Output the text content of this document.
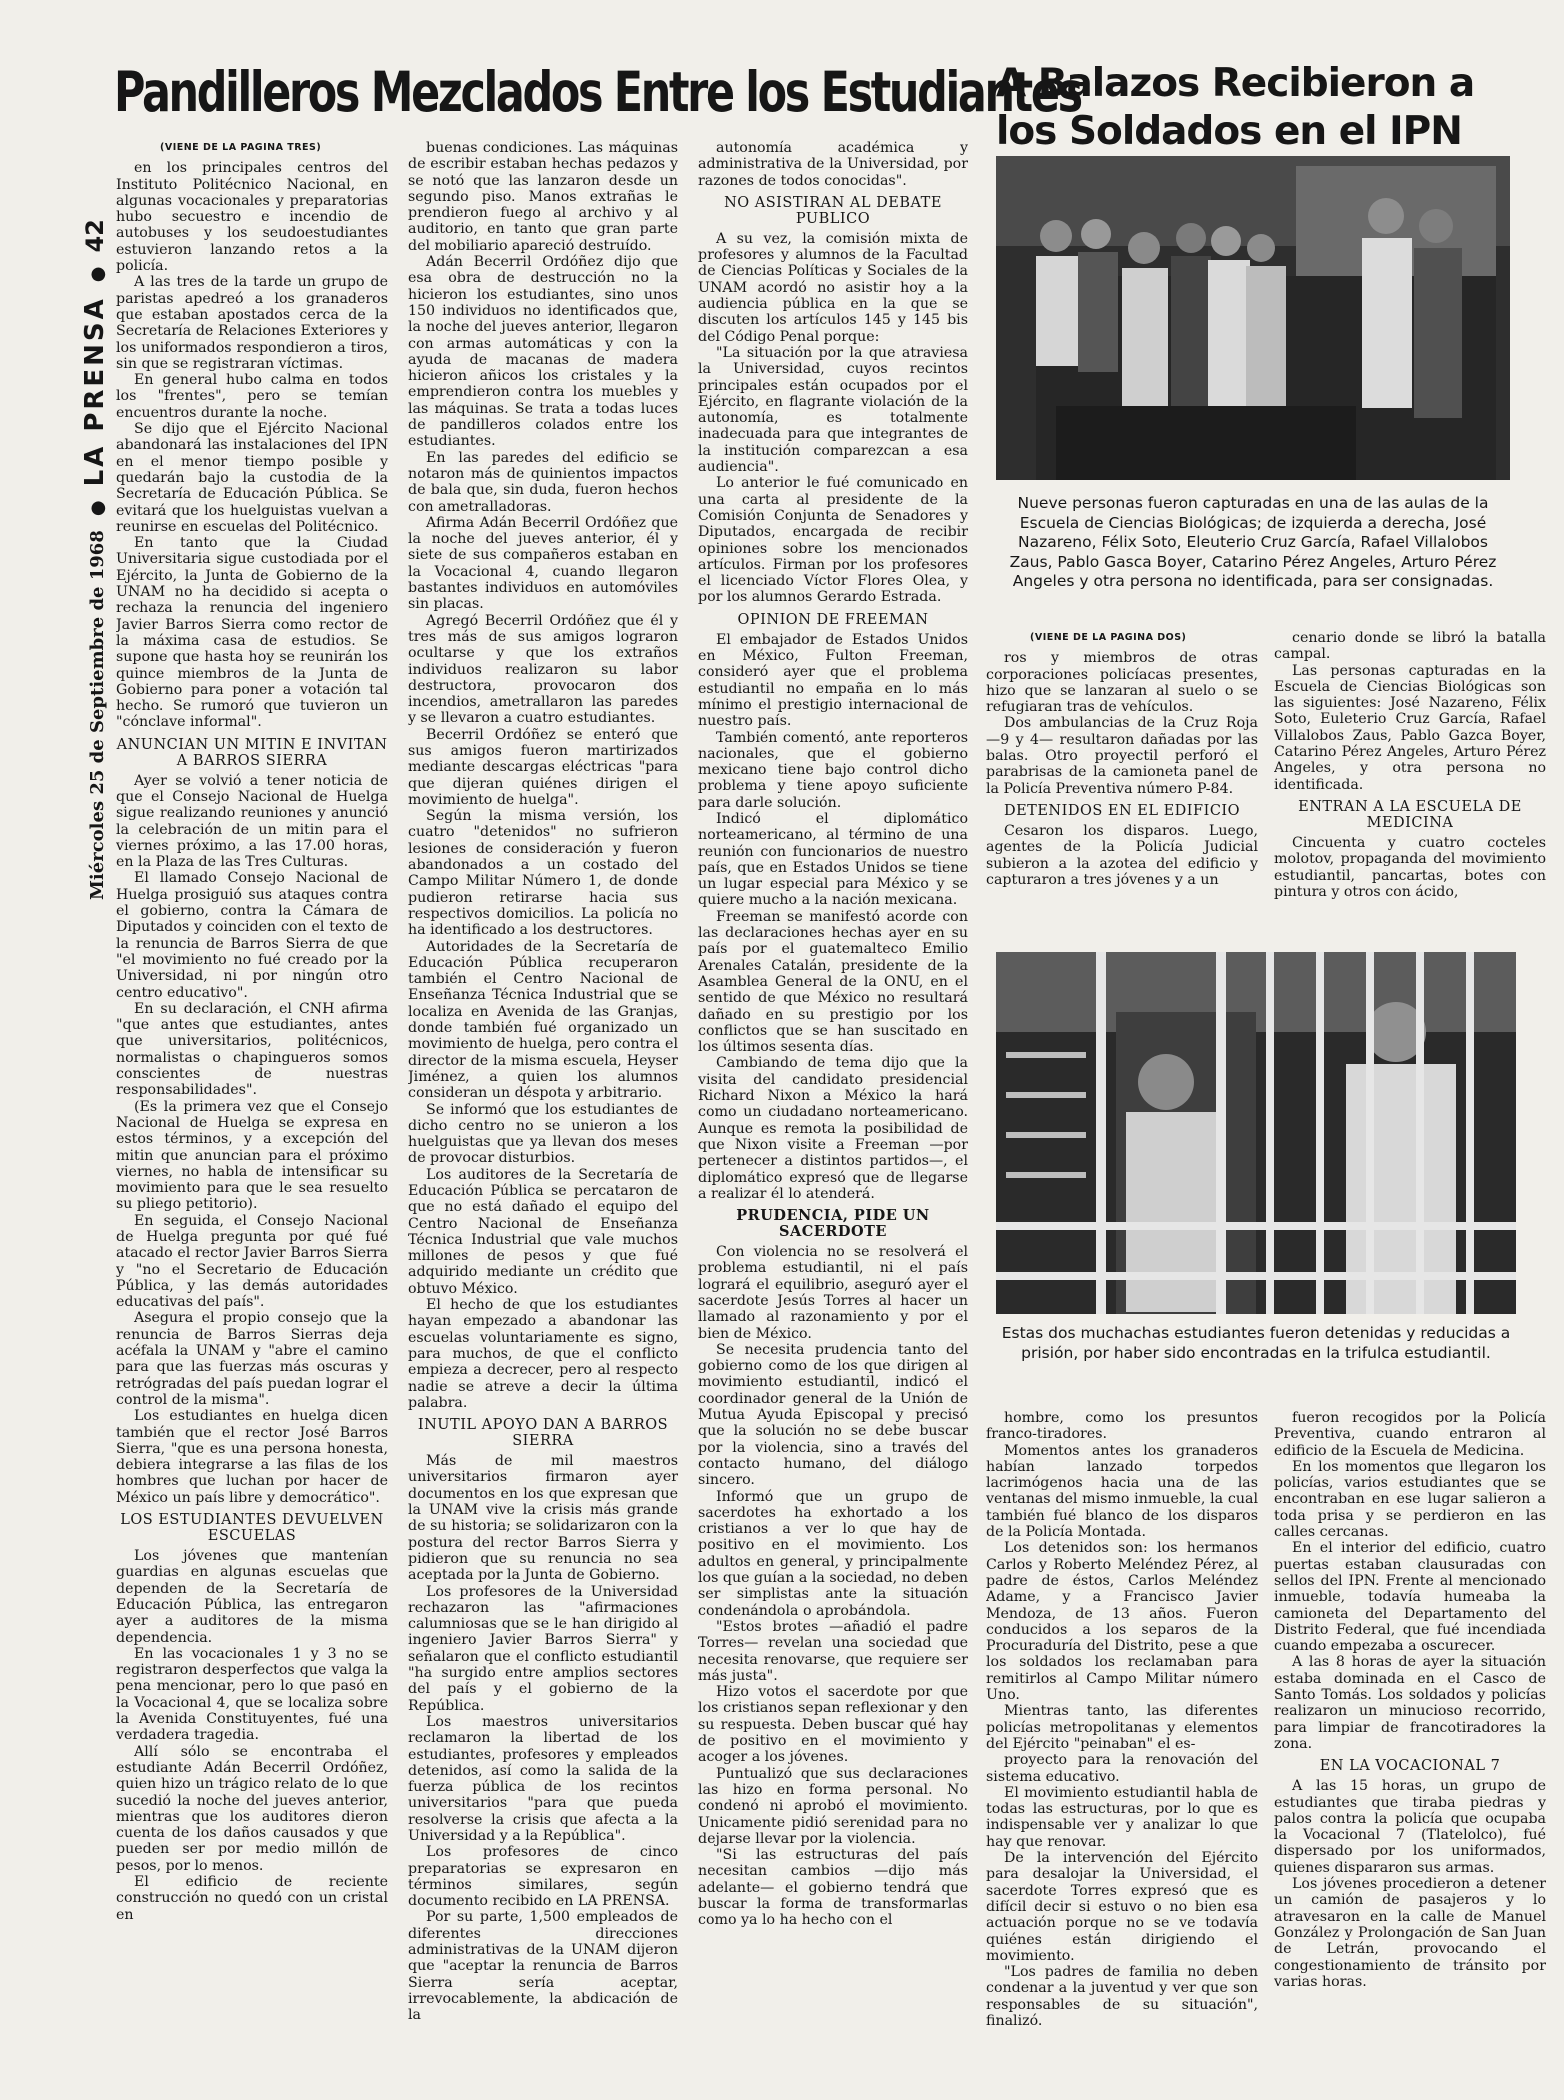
Miércoles 25 de Septiembre de 1968
●
LA PRENSA
●
42
Pandilleros Mezclados Entre los Estudiantes
A Balazos Recibieron a los Soldados en el IPN

(VIENE DE LA PAGINA TRES)

en los principales centros del Instituto Politécnico Nacional, en algunas vocacionales y preparatorias hubo secuestro e incendio de autobuses y los seudoestudiantes estuvieron lanzando retos a la policía.

A las tres de la tarde un grupo de paristas apedreó a los granaderos que estaban apostados cerca de la Secretaría de Relaciones Exteriores y los uniformados respondieron a tiros, sin que se registraran víctimas.

En general hubo calma en todos los "frentes", pero se temían encuentros durante la noche.

Se dijo que el Ejército Nacional abandonará las instalaciones del IPN en el menor tiempo posible y quedarán bajo la custodia de la Secretaría de Educación Pública. Se evitará que los huelguistas vuelvan a reunirse en escuelas del Politécnico.

En tanto que la Ciudad Universitaria sigue custodiada por el Ejército, la Junta de Gobierno de la UNAM no ha decidido si acepta o rechaza la renuncia del ingeniero Javier Barros Sierra como rector de la máxima casa de estudios. Se supone que hasta hoy se reunirán los quince miembros de la Junta de Gobierno para poner a votación tal hecho. Se rumoró que tuvieron un "cónclave informal".

ANUNCIAN UN MITIN E INVITAN A BARROS SIERRA

Ayer se volvió a tener noticia de que el Consejo Nacional de Huelga sigue realizando reuniones y anunció la celebración de un mitin para el viernes próximo, a las 17.00 horas, en la Plaza de las Tres Culturas.

El llamado Consejo Nacional de Huelga prosiguió sus ataques contra el gobierno, contra la Cámara de Diputados y coinciden con el texto de la renuncia de Barros Sierra de que "el movimiento no fué creado por la Universidad, ni por ningún otro centro educativo".

En su declaración, el CNH afirma "que antes que estudiantes, antes que universitarios, politécnicos, normalistas o chapingueros somos conscientes de nuestras responsabilidades".

(Es la primera vez que el Consejo Nacional de Huelga se expresa en estos términos, y a excepción del mitin que anuncian para el próximo viernes, no habla de intensificar su movimiento para que le sea resuelto su pliego petitorio).

En seguida, el Consejo Nacional de Huelga pregunta por qué fué atacado el rector Javier Barros Sierra y "no el Secretario de Educación Pública, y las demás autoridades educativas del país".

Asegura el propio consejo que la renuncia de Barros Sierras deja acéfala la UNAM y "abre el camino para que las fuerzas más oscuras y retrógradas del país puedan lograr el control de la misma".

Los estudiantes en huelga dicen también que el rector José Barros Sierra, "que es una persona honesta, debiera integrarse a las filas de los hombres que luchan por hacer de México un país libre y democrático".

LOS ESTUDIANTES DEVUELVEN ESCUELAS

Los jóvenes que mantenían guardias en algunas escuelas que dependen de la Secretaría de Educación Pública, las entregaron ayer a auditores de la misma dependencia.

En las vocacionales 1 y 3 no se registraron desperfectos que valga la pena mencionar, pero lo que pasó en la Vocacional 4, que se localiza sobre la Avenida Constituyentes, fué una verdadera tragedia.

Allí sólo se encontraba el estudiante Adán Becerril Ordóñez, quien hizo un trágico relato de lo que sucedió la noche del jueves anterior, mientras que los auditores dieron cuenta de los daños causados y que pueden ser por medio millón de pesos, por lo menos.

El edificio de reciente construcción no quedó con un cristal en

buenas condiciones. Las máquinas de escribir estaban hechas pedazos y se notó que las lanzaron desde un segundo piso. Manos extrañas le prendieron fuego al archivo y al auditorio, en tanto que gran parte del mobiliario apareció destruído.

Adán Becerril Ordóñez dijo que esa obra de destrucción no la hicieron los estudiantes, sino unos 150 individuos no identificados que, la noche del jueves anterior, llegaron con armas automáticas y con la ayuda de macanas de madera hicieron añicos los cristales y la emprendieron contra los muebles y las máquinas. Se trata a todas luces de pandilleros colados entre los estudiantes.

En las paredes del edificio se notaron más de quinientos impactos de bala que, sin duda, fueron hechos con ametralladoras.

Afirma Adán Becerril Ordóñez que la noche del jueves anterior, él y siete de sus compañeros estaban en la Vocacional 4, cuando llegaron bastantes individuos en automóviles sin placas.

Agregó Becerril Ordóñez que él y tres más de sus amigos lograron ocultarse y que los extraños individuos realizaron su labor destructora, provocaron dos incendios, ametrallaron las paredes y se llevaron a cuatro estudiantes.

Becerril Ordóñez se enteró que sus amigos fueron martirizados mediante descargas eléctricas "para que dijeran quiénes dirigen el movimiento de huelga".

Según la misma versión, los cuatro "detenidos" no sufrieron lesiones de consideración y fueron abandonados a un costado del Campo Militar Número 1, de donde pudieron retirarse hacia sus respectivos domicilios. La policía no ha identificado a los destructores.

Autoridades de la Secretaría de Educación Pública recuperaron también el Centro Nacional de Enseñanza Técnica Industrial que se localiza en Avenida de las Granjas, donde también fué organizado un movimiento de huelga, pero contra el director de la misma escuela, Heyser Jiménez, a quien los alumnos consideran un déspota y arbitrario.

Se informó que los estudiantes de dicho centro no se unieron a los huelguistas que ya llevan dos meses de provocar disturbios.

Los auditores de la Secretaría de Educación Pública se percataron de que no está dañado el equipo del Centro Nacional de Enseñanza Técnica Industrial que vale muchos millones de pesos y que fué adquirido mediante un crédito que obtuvo México.

El hecho de que los estudiantes hayan empezado a abandonar las escuelas voluntariamente es signo, para muchos, de que el conflicto empieza a decrecer, pero al respecto nadie se atreve a decir la última palabra.

INUTIL APOYO DAN A BARROS SIERRA

Más de mil maestros universitarios firmaron ayer documentos en los que expresan que la UNAM vive la crisis más grande de su historia; se solidarizaron con la postura del rector Barros Sierra y pidieron que su renuncia no sea aceptada por la Junta de Gobierno.

Los profesores de la Universidad rechazaron las "afirmaciones calumniosas que se le han dirigido al ingeniero Javier Barros Sierra" y señalaron que el conflicto estudiantil "ha surgido entre amplios sectores del país y el gobierno de la República.

Los maestros universitarios reclamaron la libertad de los estudiantes, profesores y empleados detenidos, así como la salida de la fuerza pública de los recintos universitarios "para que pueda resolverse la crisis que afecta a la Universidad y a la República".

Los profesores de cinco preparatorias se expresaron en términos similares, según documento recibido en LA PRENSA.

Por su parte, 1,500 empleados de diferentes direcciones administrativas de la UNAM dijeron que "aceptar la renuncia de Barros Sierra sería aceptar, irrevocablemente, la abdicación de la

autonomía académica y administrativa de la Universidad, por razones de todos conocidas".

NO ASISTIRAN AL DEBATE PUBLICO

A su vez, la comisión mixta de profesores y alumnos de la Facultad de Ciencias Políticas y Sociales de la UNAM acordó no asistir hoy a la audiencia pública en la que se discuten los artículos 145 y 145 bis del Código Penal porque:

"La situación por la que atraviesa la Universidad, cuyos recintos principales están ocupados por el Ejército, en flagrante violación de la autonomía, es totalmente inadecuada para que integrantes de la institución comparezcan a esa audiencia".

Lo anterior le fué comunicado en una carta al presidente de la Comisión Conjunta de Senadores y Diputados, encargada de recibir opiniones sobre los mencionados artículos. Firman por los profesores el licenciado Víctor Flores Olea, y por los alumnos Gerardo Estrada.

OPINION DE FREEMAN

El embajador de Estados Unidos en México, Fulton Freeman, consideró ayer que el problema estudiantil no empaña en lo más mínimo el prestigio internacional de nuestro país.

También comentó, ante reporteros nacionales, que el gobierno mexicano tiene bajo control dicho problema y tiene apoyo suficiente para darle solución.

Indicó el diplomático norteamericano, al término de una reunión con funcionarios de nuestro país, que en Estados Unidos se tiene un lugar especial para México y se quiere mucho a la nación mexicana.

Freeman se manifestó acorde con las declaraciones hechas ayer en su país por el guatemalteco Emilio Arenales Catalán, presidente de la Asamblea General de la ONU, en el sentido de que México no resultará dañado en su prestigio por los conflictos que se han suscitado en los últimos sesenta días.

Cambiando de tema dijo que la visita del candidato presidencial Richard Nixon a México la hará como un ciudadano norteamericano. Aunque es remota la posibilidad de que Nixon visite a Freeman —por pertenecer a distintos partidos—, el diplomático expresó que de llegarse a realizar él lo atenderá.

PRUDENCIA, PIDE UN SACERDOTE

Con violencia no se resolverá el problema estudiantil, ni el país logrará el equilibrio, aseguró ayer el sacerdote Jesús Torres al hacer un llamado al razonamiento y por el bien de México.

Se necesita prudencia tanto del gobierno como de los que dirigen al movimiento estudiantil, indicó el coordinador general de la Unión de Mutua Ayuda Episcopal y precisó que la solución no se debe buscar por la violencia, sino a través del contacto humano, del diálogo sincero.

Informó que un grupo de sacerdotes ha exhortado a los cristianos a ver lo que hay de positivo en el movimiento. Los adultos en general, y principalmente los que guían a la sociedad, no deben ser simplistas ante la situación condenándola o aprobándola.

"Estos brotes —añadió el padre Torres— revelan una sociedad que necesita renovarse, que requiere ser más justa".

Hizo votos el sacerdote por que los cristianos sepan reflexionar y den su respuesta. Deben buscar qué hay de positivo en el movimiento y acoger a los jóvenes.

Puntualizó que sus declaraciones las hizo en forma personal. No condenó ni aprobó el movimiento. Unicamente pidió serenidad para no dejarse llevar por la violencia.

"Si las estructuras del país necesitan cambios —dijo más adelante— el gobierno tendrá que buscar la forma de transformarlas como ya lo ha hecho con el

Nueve personas fueron capturadas en una de las aulas de la Escuela de Ciencias Biológicas; de izquierda a derecha, José Nazareno, Félix Soto, Eleuterio Cruz García, Rafael Villalobos Zaus, Pablo Gasca Boyer, Catarino Pérez Angeles, Arturo Pérez Angeles y otra persona no identificada, para ser consignadas.

(VIENE DE LA PAGINA DOS)

ros y miembros de otras corporaciones policíacas presentes, hizo que se lanzaran al suelo o se refugiaran tras de vehículos.

Dos ambulancias de la Cruz Roja —9 y 4— resultaron dañadas por las balas. Otro proyectil perforó el parabrisas de la camioneta panel de la Policía Preventiva número P-84.

DETENIDOS EN EL EDIFICIO

Cesaron los disparos. Luego, agentes de la Policía Judicial subieron a la azotea del edificio y capturaron a tres jóvenes y a un

cenario donde se libró la batalla campal.

Las personas capturadas en la Escuela de Ciencias Biológicas son las siguientes: José Nazareno, Félix Soto, Euleterio Cruz García, Rafael Villalobos Zaus, Pablo Gazca Boyer, Catarino Pérez Angeles, Arturo Pérez Angeles, y otra persona no identificada.

ENTRAN A LA ESCUELA DE MEDICINA

Cincuenta y cuatro cocteles molotov, propaganda del movimiento estudiantil, pancartas, botes con pintura y otros con ácido,

Estas dos muchachas estudiantes fueron detenidas y reducidas a prisión, por haber sido encontradas en la trifulca estudiantil.

hombre, como los presuntos franco-tiradores.

Momentos antes los granaderos habían lanzado torpedos lacrimógenos hacia una de las ventanas del mismo inmueble, la cual también fué blanco de los disparos de la Policía Montada.

Los detenidos son: los hermanos Carlos y Roberto Meléndez Pérez, al padre de éstos, Carlos Meléndez Adame, y a Francisco Javier Mendoza, de 13 años. Fueron conducidos a los separos de la Procuraduría del Distrito, pese a que los soldados los reclamaban para remitirlos al Campo Militar número Uno.

Mientras tanto, las diferentes policías metropolitanas y elementos del Ejército "peinaban" el es-

proyecto para la renovación del sistema educativo.

El movimiento estudiantil habla de todas las estructuras, por lo que es indispensable ver y analizar lo que hay que renovar.

De la intervención del Ejército para desalojar la Universidad, el sacerdote Torres expresó que es difícil decir si estuvo o no bien esa actuación porque no se ve todavía quiénes están dirigiendo el movimiento.

"Los padres de familia no deben condenar a la juventud y ver que son responsables de su situación", finalizó.

fueron recogidos por la Policía Preventiva, cuando entraron al edificio de la Escuela de Medicina.

En los momentos que llegaron los policías, varios estudiantes que se encontraban en ese lugar salieron a toda prisa y se perdieron en las calles cercanas.

En el interior del edificio, cuatro puertas estaban clausuradas con sellos del IPN. Frente al mencionado inmueble, todavía humeaba la camioneta del Departamento del Distrito Federal, que fué incendiada cuando empezaba a oscurecer.

A las 8 horas de ayer la situación estaba dominada en el Casco de Santo Tomás. Los soldados y policías realizaron un minucioso recorrido, para limpiar de francotiradores la zona.

EN LA VOCACIONAL 7

A las 15 horas, un grupo de estudiantes que tiraba piedras y palos contra la policía que ocupaba la Vocacional 7 (Tlatelolco), fué dispersado por los uniformados, quienes dispararon sus armas.

Los jóvenes procedieron a detener un camión de pasajeros y lo atravesaron en la calle de Manuel González y Prolongación de San Juan de Letrán, provocando el congestionamiento de tránsito por varias horas.
